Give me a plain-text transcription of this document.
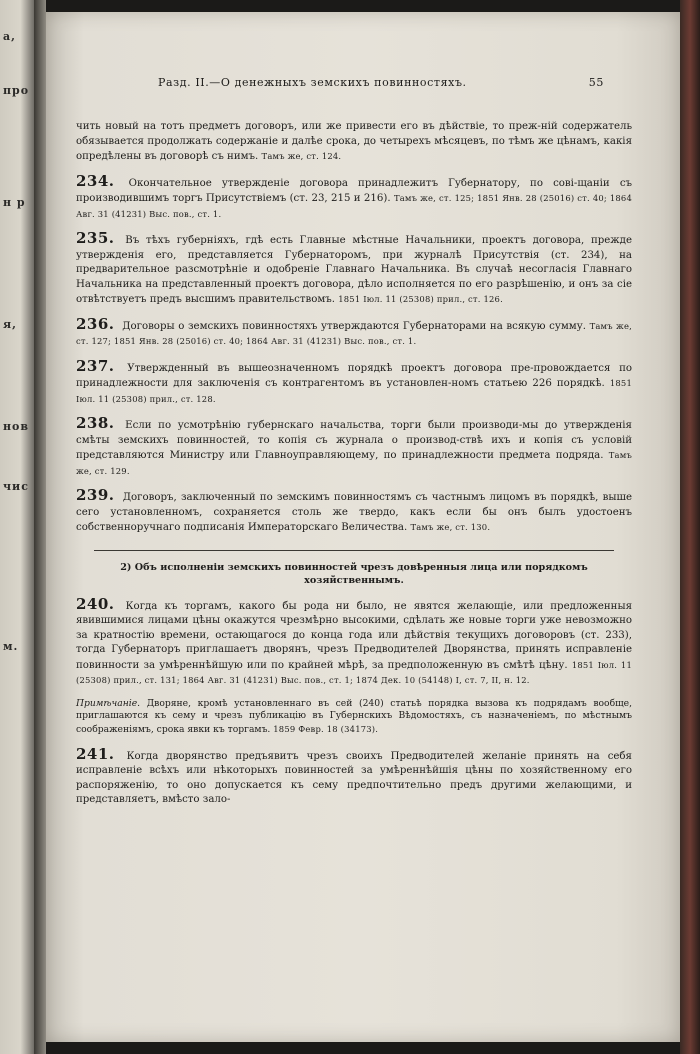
а,
про
н р
я,
нов
чис
м.
Разд. II.—О денежныхъ земскихъ повинностяхъ.	55

чить новый на тотъ предметъ договоръ, или же привести его въ дѣйствіе, то преж-ній содержатель обязывается продолжать содержаніе и далѣе срока, до четырехъ мѣсяцевъ, по тѣмъ же цѣнамъ, какія опредѣлены въ договорѣ съ нимъ. Тамъ же, ст. 124.

234. Окончательное утвержденіе договора принадлежитъ Губернатору, по сові-щаніи съ производившимъ торгъ Присутствіемъ (ст. 23, 215 и 216). Тамъ же, ст. 125; 1851 Янв. 28 (25016) ст. 40; 1864 Авг. 31 (41231) Выс. пов., ст. 1.

235. Въ тѣхъ губерніяхъ, гдѣ есть Главные мѣстные Начальники, проектъ договора, прежде утвержденія его, представляется Губернаторомъ, при журналѣ Присутствія (ст. 234), на предварительное разсмотрѣніе и одобреніе Главнаго Начальника. Въ случаѣ несогласія Главнаго Начальника на представленный проектъ договора, дѣло исполняется по его разрѣшенію, и онъ за сіе отвѣтствуетъ предъ высшимъ правительствомъ. 1851 Іюл. 11 (25308) прил., ст. 126.

236. Договоры о земскихъ повинностяхъ утверждаются Губернаторами на всякую сумму. Тамъ же, ст. 127; 1851 Янв. 28 (25016) ст. 40; 1864 Авг. 31 (41231) Выс. пов., ст. 1.

237. Утвержденный въ вышеозначенномъ порядкѣ проектъ договора пре-провождается по принадлежности для заключенія съ контрагентомъ въ установлен-номъ статьею 226 порядкѣ. 1851 Іюл. 11 (25308) прил., ст. 128.

238. Если по усмотрѣнію губернскаго начальства, торги были производи-мы до утвержденія смѣты земскихъ повинностей, то копія съ журнала о производ-ствѣ ихъ и копія съ условій представляются Министру или Главноуправляющему, по принадлежности предмета подряда. Тамъ же, ст. 129.

239. Договоръ, заключенный по земскимъ повинностямъ съ частнымъ лицомъ въ порядкѣ, выше сего установленномъ, сохраняется столь же твердо, какъ если бы онъ былъ удостоенъ собственноручнаго подписанія Императорскаго Величества. Тамъ же, ст. 130.

2) Объ исполненіи земскихъ повинностей чрезъ довѣренныя лица или порядкомъ хозяйственнымъ.

240. Когда къ торгамъ, какого бы рода ни было, не явятся желающіе, или предложенныя явившимися лицами цѣны окажутся чрезмѣрно высокими, сдѣлать же новые торги уже невозможно за кратностію времени, остающагося до конца года или дѣйствія текущихъ договоровъ (ст. 233), тогда Губернаторъ приглашаетъ дворянъ, чрезъ Предводителей Дворянства, принять исправленіе повинности за умѣреннѣйшую или по крайней мѣрѣ, за предположенную въ смѣтѣ цѣну. 1851 Іюл. 11 (25308) прил., ст. 131; 1864 Авг. 31 (41231) Выс. пов., ст. 1; 1874 Дек. 10 (54148) I, ст. 7, II, н. 12.

Примѣчаніе. Дворяне, кромѣ установленнаго въ сей (240) статьѣ порядка вызова къ подрядамъ вообще, приглашаются къ сему и чрезъ публикацію въ Губернскихъ Вѣдомостяхъ, съ назначеніемъ, по мѣстнымъ соображеніямъ, срока явки къ торгамъ. 1859 Февр. 18 (34173).

241. Когда дворянство предъявитъ чрезъ своихъ Предводителей желаніе принять на себя исправленіе всѣхъ или нѣкоторыхъ повинностей за умѣреннѣйшія цѣны по хозяйственному его распоряженію, то оно допускается къ сему предпочтительно предъ другими желающими, и представляетъ, вмѣсто зало-
